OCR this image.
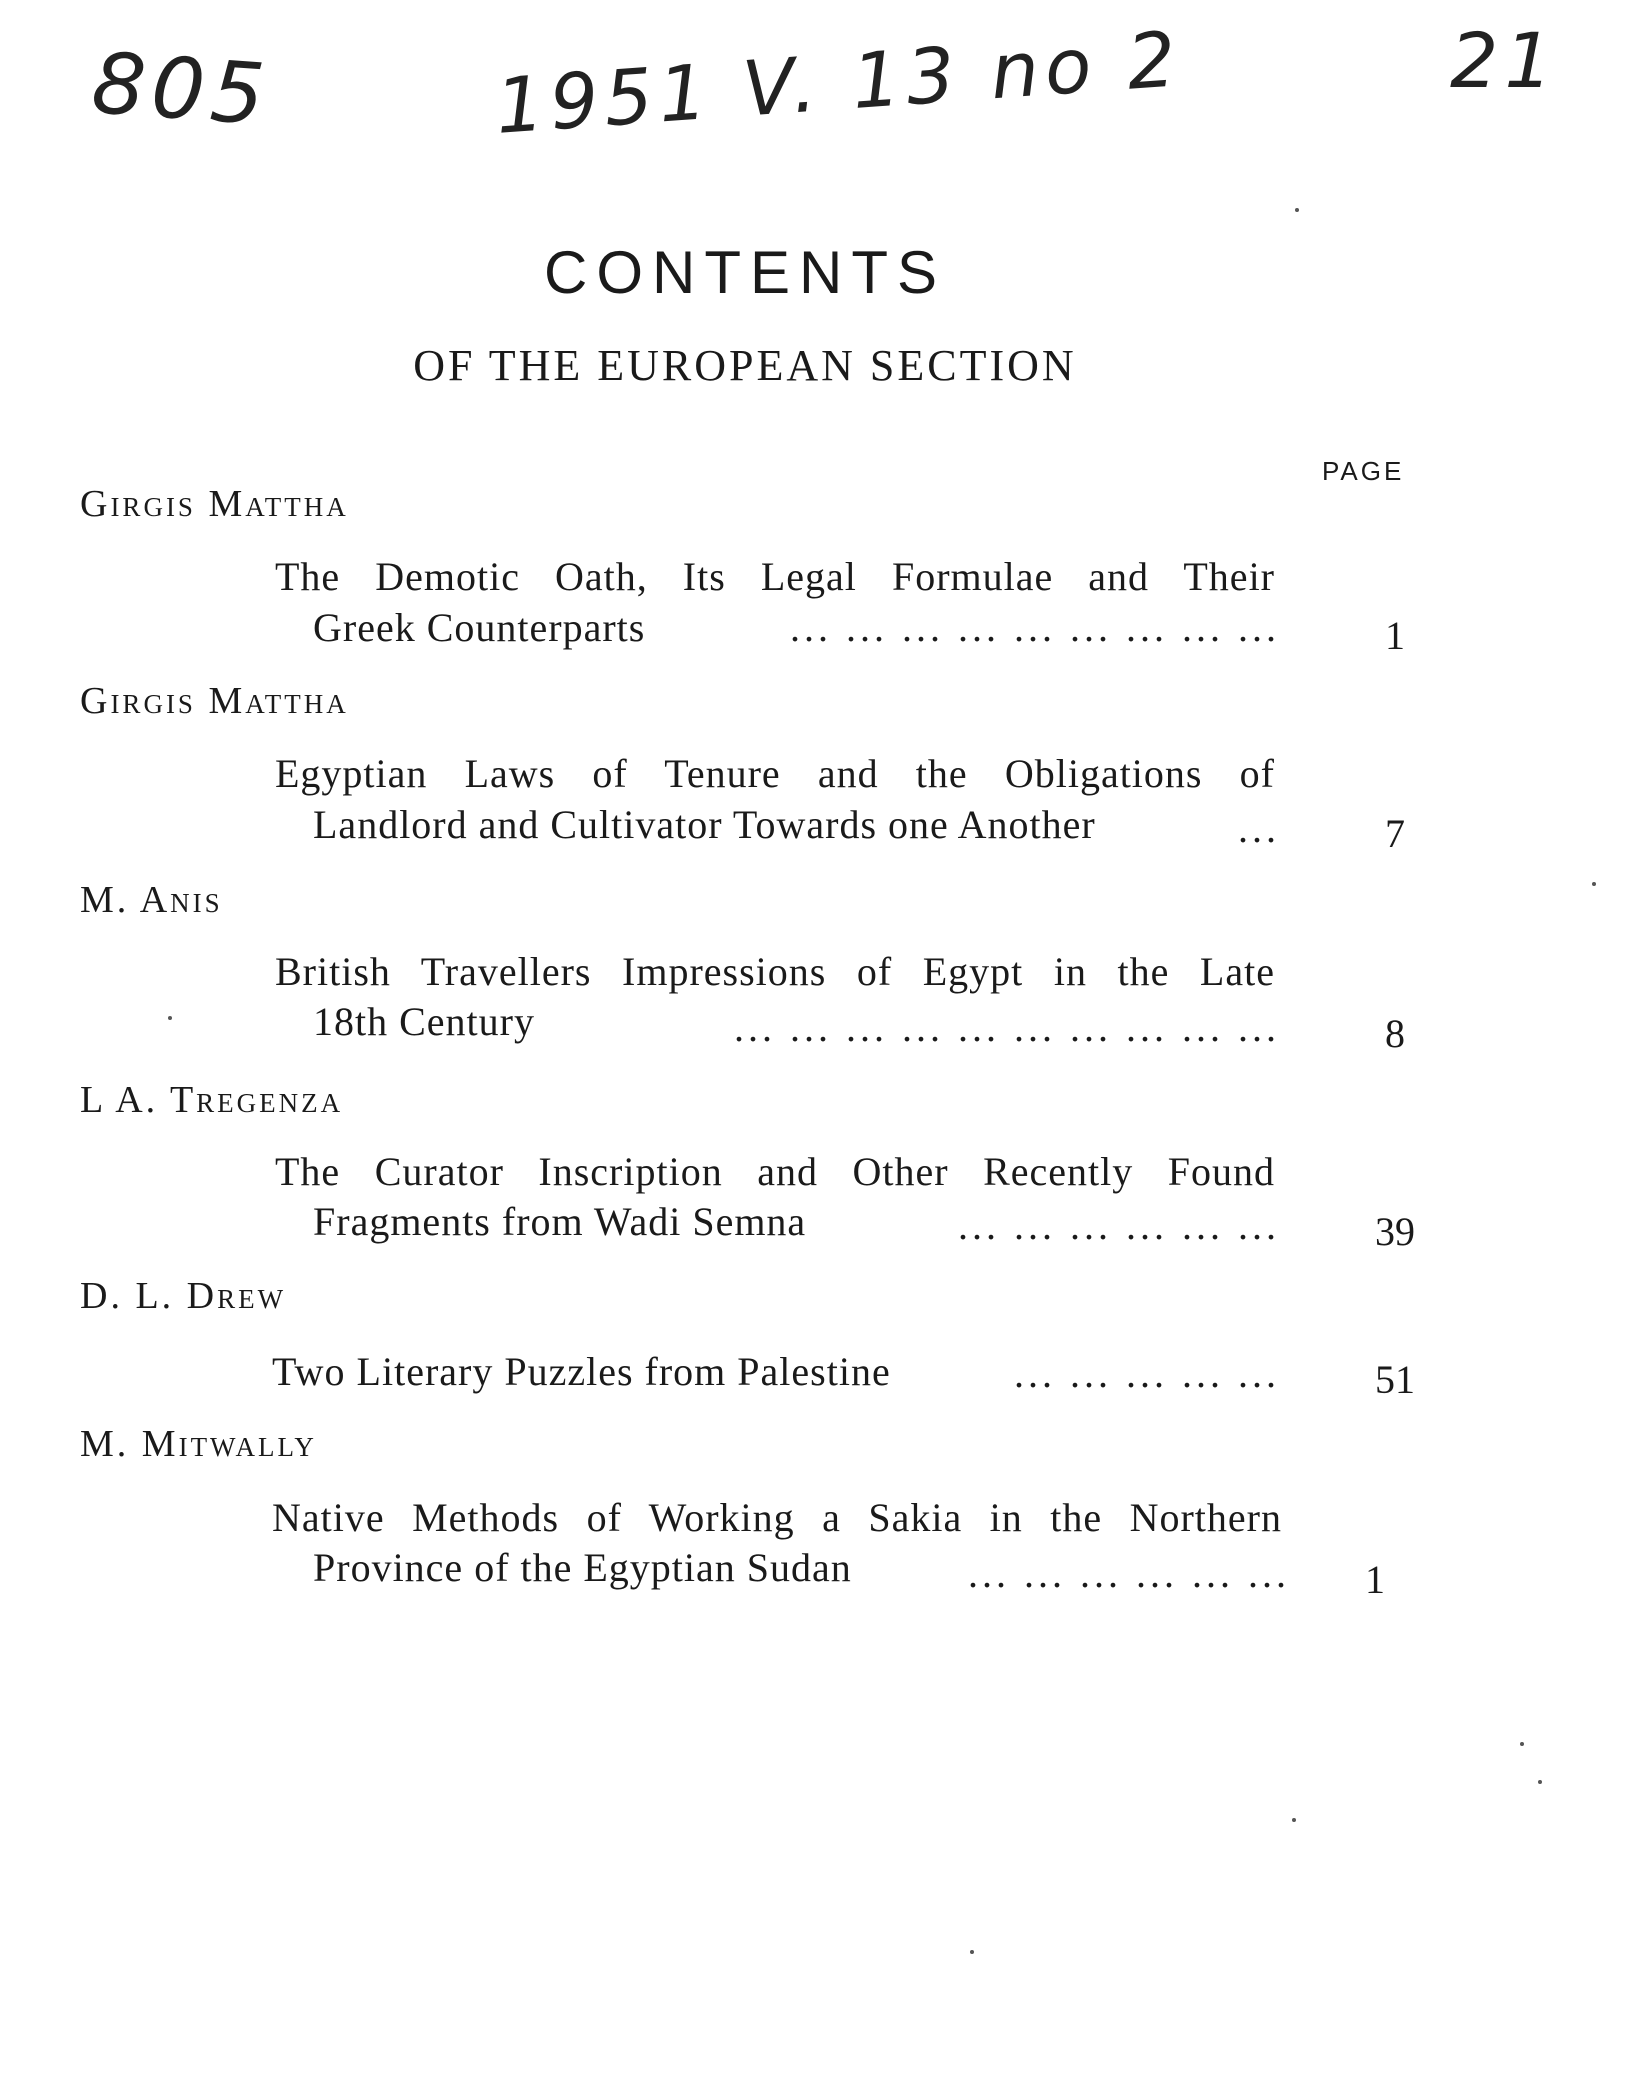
805	1951 V. 13 no 2	21
CONTENTS
OF THE EUROPEAN SECTION
PAGE
Girgis Mattha
The Demotic Oath, Its Legal Formulae and Their
Greek Counterparts	... ... ... ... ... ... ... ... ...	1
Girgis Mattha
Egyptian Laws of Tenure and the Obligations of
Landlord and Cultivator Towards one Another	...	7
M. Anis
British Travellers Impressions of Egypt in the Late
18th Century	... ... ... ... ... ... ... ... ... ...	8
L A. Tregenza
The Curator Inscription and Other Recently Found
Fragments from Wadi Semna	... ... ... ... ... ...	39
D. L. Drew
Two Literary Puzzles from Palestine	... ... ... ... ...	51
M. Mitwally
Native Methods of Working a Sakia in the Northern
Province of the Egyptian Sudan	... ... ... ... ... ...	1
